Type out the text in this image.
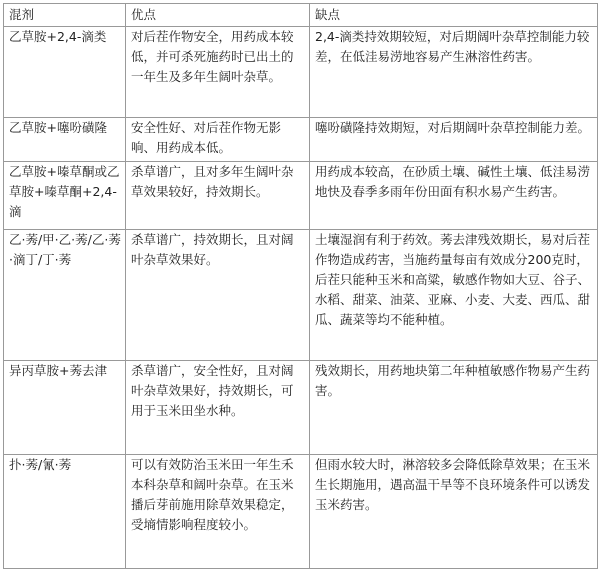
混剂	优点	缺点
乙草胺+2,4-滴类	对后茬作物安全，用药成本较低，并可杀死施药时已出土的一年生及多年生阔叶杂草。	2,4-滴类持效期较短，对后期阔叶杂草控制能力较差，在低洼易涝地容易产生淋溶性药害。
乙草胺+噻吩磺隆	安全性好、对后茬作物无影响、用药成本低。	噻吩磺隆持效期短，对后期阔叶杂草控制能力差。
乙草胺+嗪草酮或乙草胺+嗪草酮+2,4-滴	杀草谱广，且对多年生阔叶杂草效果较好，持效期长。	用药成本较高，在砂质土壤、碱性土壤、低洼易涝地快及春季多雨年份田面有积水易产生药害。
乙·莠/甲·乙·莠/乙·莠·滴丁/丁·莠	杀草谱广，持效期长，且对阔叶杂草效果好。	土壤湿润有利于药效。莠去津残效期长，易对后茬作物造成药害，当施药量每亩有效成分200克时，后茬只能种玉米和高粱，敏感作物如大豆、谷子、水稻、甜菜、油菜、亚麻、小麦、大麦、西瓜、甜瓜、蔬菜等均不能种植。
异丙草胺+莠去津	杀草谱广，安全性好，且对阔叶杂草效果好，持效期长，可用于玉米田坐水种。	残效期长，用药地块第二年种植敏感作物易产生药害。
扑·莠/氰·莠	可以有效防治玉米田一年生禾本科杂草和阔叶杂草。在玉米播后芽前施用除草效果稳定，受墒情影响程度较小。	但雨水较大时，淋溶较多会降低除草效果；在玉米生长期施用，遇高温干旱等不良环境条件可以诱发玉米药害。
